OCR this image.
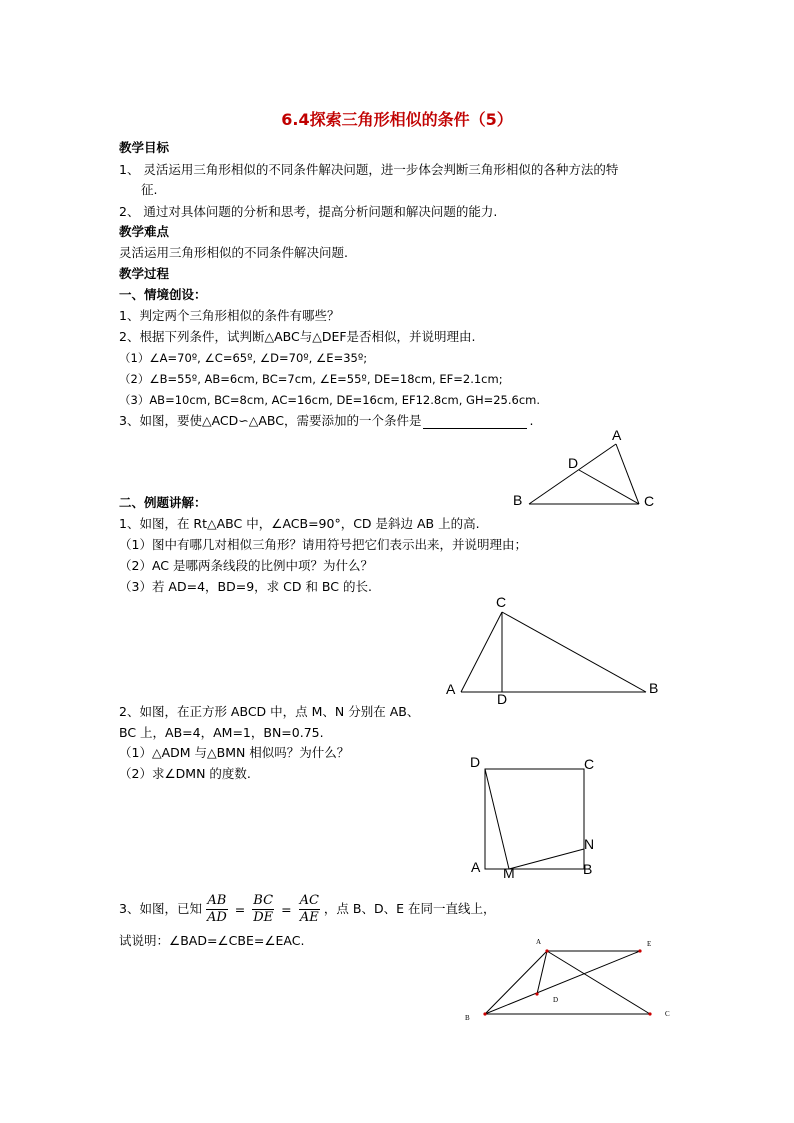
6.4探索三角形相似的条件（5）
教学目标
1、 灵活运用三角形相似的不同条件解决问题，进一步体会判断三角形相似的各种方法的特
征.
2、 通过对具体问题的分析和思考，提高分析问题和解决问题的能力.
教学难点
灵活运用三角形相似的不同条件解决问题.
教学过程
一、情境创设：
1、判定两个三角形相似的条件有哪些？
2、根据下列条件，试判断△ABC与△DEF是否相似，并说明理由.
（1）∠A=70º, ∠C=65º, ∠D=70º, ∠E=35º;
（2）∠B=55º, AB=6cm, BC=7cm, ∠E=55º, DE=18cm, EF=2.1cm;
（3）AB=10cm, BC=8cm, AC=16cm, DE=16cm, EF12.8cm, GH=25.6cm.
3、如图，要使△ACD∽△ABC，需要添加的一个条件是	.
二、例题讲解：
1、如图，在 Rt△ABC 中，∠ACB=90°，CD 是斜边 AB 上的高.
（1）图中有哪几对相似三角形？请用符号把它们表示出来，并说明理由；
（2）AC 是哪两条线段的比例中项？为什么？
（3）若 AD=4，BD=9，求 CD 和 BC 的长.
2、如图，在正方形 ABCD 中，点 M、N 分别在 AB、
BC 上，AB=4，AM=1，BN=0.75.
（1）△ADM 与△BMN 相似吗？为什么？
（2）求∠DMN 的度数.
3、如图，已知 $\frac{AB}{AD} = \frac{BC}{DE} = \frac{AC}{AE}$ ，点 B、D、E 在同一直线上，
试说明：∠BAD=∠CBE=∠EAC.
A
D
B	C
C
A
D
B
D	C
N
A M	B
A	E
D
B	C
